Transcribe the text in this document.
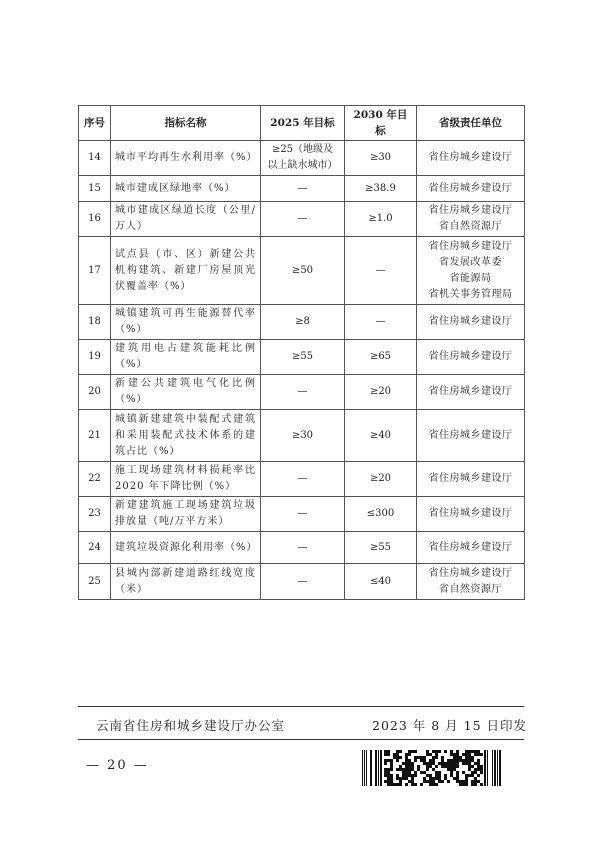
序号	指标名称	2025 年目标	2030 年目标	省级责任单位
14	城市平均再生水利用率（%）	≥25（地级及
以上缺水城市）	≥30	省住房城乡建设厅
15	城市建成区绿地率（%）	—	≥38.9	省住房城乡建设厅
16	城市建成区绿道长度（公里/万人）	—	≥1.0	省住房城乡建设厅
省自然资源厅
17	试点县（市、区）新建公共机构建筑、新建厂房屋顶光伏覆盖率（%）	≥50	—	省住房城乡建设厅
省发展改革委
省能源局
省机关事务管理局
18	城镇建筑可再生能源替代率（%）	≥8	—	省住房城乡建设厅
19	建筑用电占建筑能耗比例（%）	≥55	≥65	省住房城乡建设厅
20	新建公共建筑电气化比例（%）	—	≥20	省住房城乡建设厅
21	城镇新建建筑中装配式建筑和采用装配式技术体系的建筑占比（%）	≥30	≥40	省住房城乡建设厅
22	施工现场建筑材料损耗率比 2020 年下降比例（%）	—	≥20	省住房城乡建设厅
23	新建建筑施工现场建筑垃圾排放量（吨/万平方米）	—	≤300	省住房城乡建设厅
24	建筑垃圾资源化利用率（%）	—	≥55	省住房城乡建设厅
25	县城内部新建道路红线宽度（米）	—	≤40	省住房城乡建设厅
省自然资源厅
云南省住房和城乡建设厅办公室	2023 年 8 月 15 日印发
— 20 —
